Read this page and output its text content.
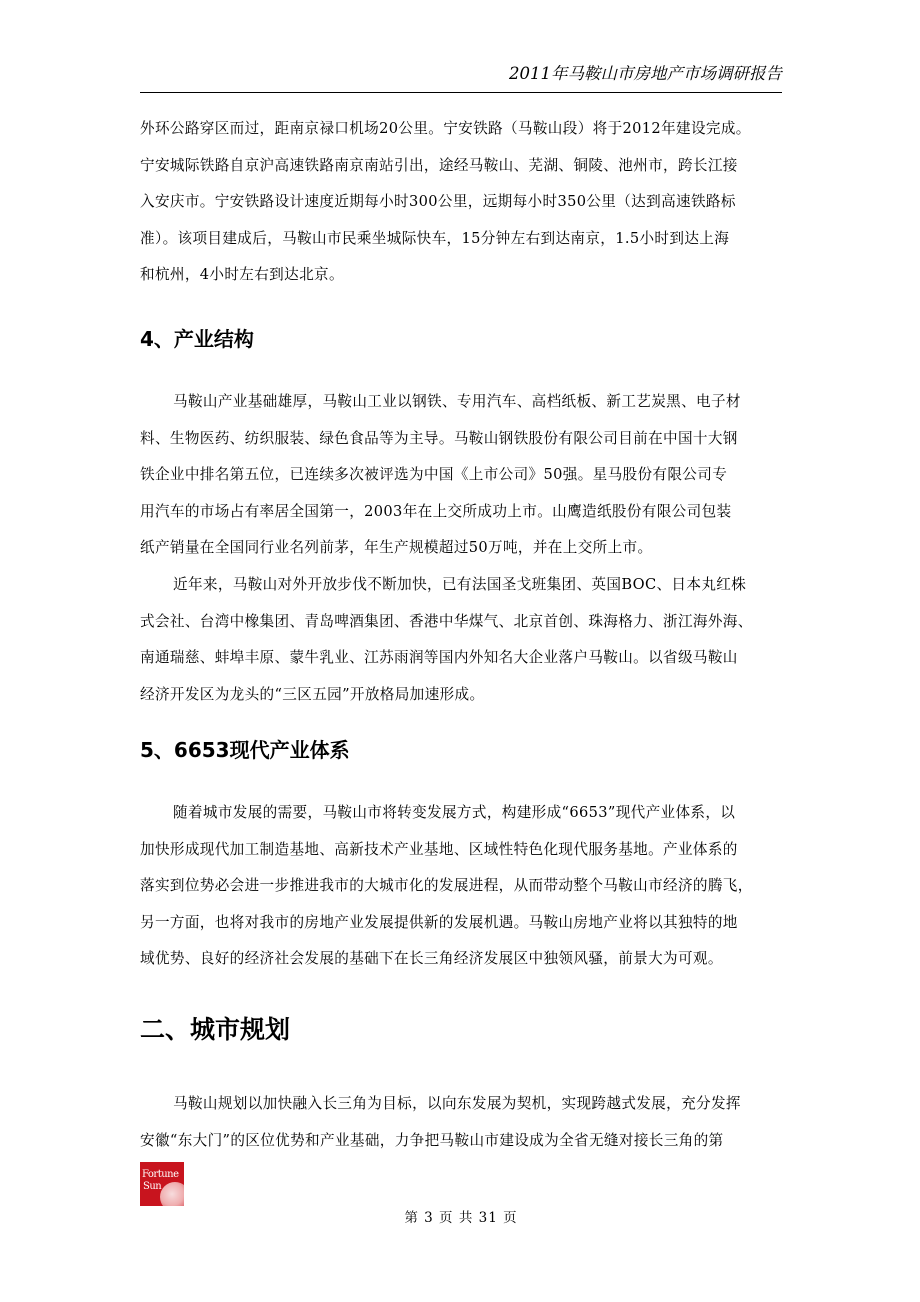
2011年马鞍山市房地产市场调研报告
外环公路穿区而过，距南京禄口机场20公里。宁安铁路（马鞍山段）将于2012年建设完成。
宁安城际铁路自京沪高速铁路南京南站引出，途经马鞍山、芜湖、铜陵、池州市，跨长江接
入安庆市。宁安铁路设计速度近期每小时300公里，远期每小时350公里（达到高速铁路标
准）。该项目建成后，马鞍山市民乘坐城际快车，15分钟左右到达南京，1.5小时到达上海
和杭州，4小时左右到达北京。
4、产业结构
马鞍山产业基础雄厚，马鞍山工业以钢铁、专用汽车、高档纸板、新工艺炭黑、电子材
料、生物医药、纺织服装、绿色食品等为主导。马鞍山钢铁股份有限公司目前在中国十大钢
铁企业中排名第五位，已连续多次被评选为中国《上市公司》50强。星马股份有限公司专
用汽车的市场占有率居全国第一，2003年在上交所成功上市。山鹰造纸股份有限公司包装
纸产销量在全国同行业名列前茅，年生产规模超过50万吨，并在上交所上市。
近年来，马鞍山对外开放步伐不断加快，已有法国圣戈班集团、英国BOC、日本丸红株
式会社、台湾中橡集团、青岛啤酒集团、香港中华煤气、北京首创、珠海格力、浙江海外海、
南通瑞慈、蚌埠丰原、蒙牛乳业、江苏雨润等国内外知名大企业落户马鞍山。以省级马鞍山
经济开发区为龙头的“三区五园”开放格局加速形成。
5、6653现代产业体系
随着城市发展的需要，马鞍山市将转变发展方式，构建形成“6653”现代产业体系，以
加快形成现代加工制造基地、高新技术产业基地、区域性特色化现代服务基地。产业体系的
落实到位势必会进一步推进我市的大城市化的发展进程，从而带动整个马鞍山市经济的腾飞，
另一方面，也将对我市的房地产业发展提供新的发展机遇。马鞍山房地产业将以其独特的地
域优势、良好的经济社会发展的基础下在长三角经济发展区中独领风骚，前景大为可观。
二、城市规划
马鞍山规划以加快融入长三角为目标，以向东发展为契机，实现跨越式发展，充分发挥
安徽“东大门”的区位优势和产业基础，力争把马鞍山市建设成为全省无缝对接长三角的第
Fortune
Sun
第 3 页 共 31 页
